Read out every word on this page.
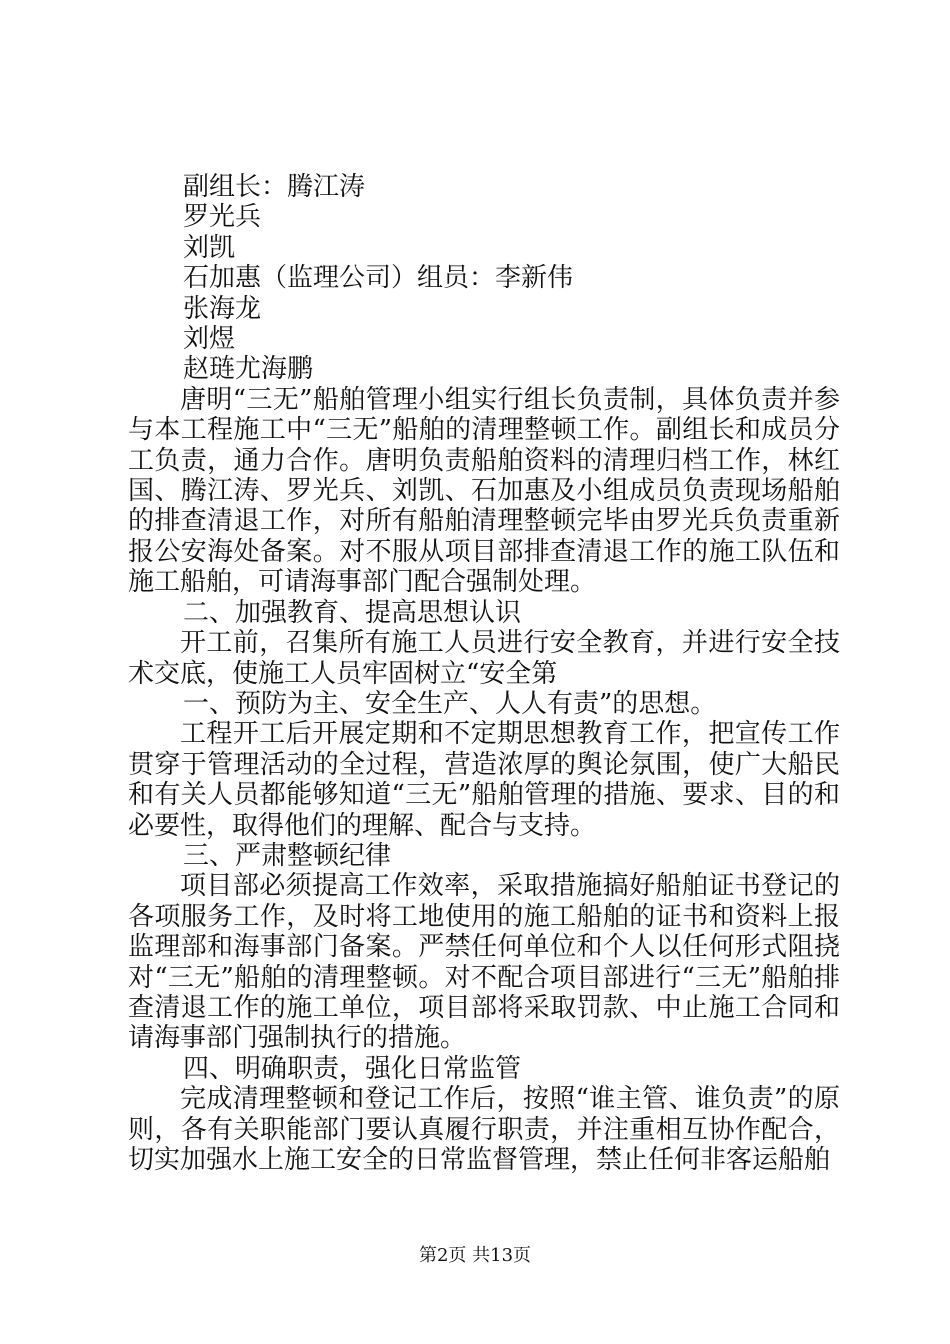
副组长：腾江涛

罗光兵

刘凯

石加惠（监理公司）组员：李新伟

张海龙

刘煜

赵琏尤海鹏

唐明“三无”船舶管理小组实行组长负责制，具体负责并参与本工程施工中“三无”船舶的清理整顿工作。副组长和成员分工负责，通力合作。唐明负责船舶资料的清理归档工作，林红国、腾江涛、罗光兵、刘凯、石加惠及小组成员负责现场船舶的排查清退工作，对所有船舶清理整顿完毕由罗光兵负责重新报公安海处备案。对不服从项目部排查清退工作的施工队伍和施工船舶，可请海事部门配合强制处理。

二、加强教育、提高思想认识

开工前，召集所有施工人员进行安全教育，并进行安全技术交底，使施工人员牢固树立“安全第

一、预防为主、安全生产、人人有责”的思想。

工程开工后开展定期和不定期思想教育工作，把宣传工作贯穿于管理活动的全过程，营造浓厚的舆论氛围，使广大船民和有关人员都能够知道“三无”船舶管理的措施、要求、目的和必要性，取得他们的理解、配合与支持。

三、严肃整顿纪律

项目部必须提高工作效率，采取措施搞好船舶证书登记的各项服务工作，及时将工地使用的施工船舶的证书和资料上报监理部和海事部门备案。严禁任何单位和个人以任何形式阻挠对“三无”船舶的清理整顿。对不配合项目部进行“三无”船舶排查清退工作的施工单位，项目部将采取罚款、中止施工合同和请海事部门强制执行的措施。

四、明确职责，强化日常监管

完成清理整顿和登记工作后，按照“谁主管、谁负责”的原则，各有关职能部门要认真履行职责，并注重相互协作配合，切实加强水上施工安全的日常监督管理，禁止任何非客运船舶

第2页 共13页
